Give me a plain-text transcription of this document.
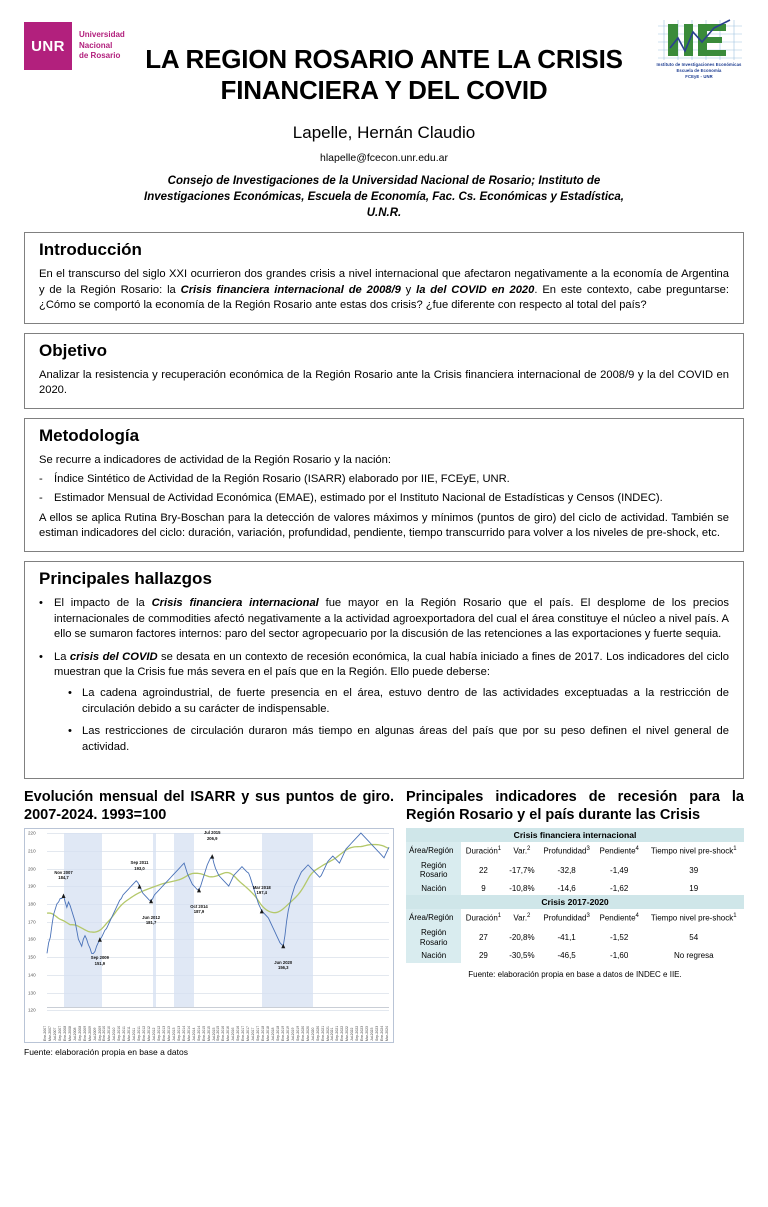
UNR
Universidad
Nacional
de Rosario
Instituto de Investigaciones Económicas
Escuela de Economía
FCEyE - UNR
LA REGION ROSARIO ANTE LA CRISIS FINANCIERA Y DEL COVID
Lapelle, Hernán Claudio
hlapelle@fcecon.unr.edu.ar
Consejo de Investigaciones de la Universidad Nacional de Rosario; Instituto de Investigaciones Económicas, Escuela de Economía, Fac. Cs. Económicas y Estadística, U.N.R.
Introducción

En el transcurso del siglo XXI ocurrieron dos grandes crisis a nivel internacional que afectaron negativamente a la economía de Argentina y de la Región Rosario: la Crisis financiera internacional de 2008/9 y la del COVID en 2020. En este contexto, cabe preguntarse: ¿Cómo se comportó la economía de la Región Rosario ante estas dos crisis? ¿fue diferente con respecto al total del país?

Objetivo

Analizar la resistencia y recuperación económica de la Región Rosario ante la Crisis financiera internacional de 2008/9 y la del COVID en 2020.

Metodología

Se recurre a indicadores de actividad de la Región Rosario y la nación:

-	Índice Sintético de Actividad de la Región Rosario (ISARR) elaborado por IIE, FCEyE, UNR.
-	Estimador Mensual de Actividad Económica (EMAE), estimado por el Instituto Nacional de Estadísticas y Censos (INDEC).

A ellos se aplica Rutina Bry-Boschan para la detección de valores máximos y mínimos (puntos de giro) del ciclo de actividad. También se estiman indicadores del ciclo: duración, variación, profundidad, pendiente, tiempo transcurrido para volver a los niveles de pre-shock, etc.

Principales hallazgos
• El impacto de la Crisis financiera internacional fue mayor en la Región Rosario que el país. El desplome de los precios internacionales de commodities afectó negativamente a la actividad agroexportadora del cual el área constituye el núcleo a nivel país. A ello se sumaron factores internos: paro del sector agropecuario por la discusión de las retenciones a las exportaciones y fuerte sequia.
• La crisis del COVID se desata en un contexto de recesión económica, la cual había iniciado a fines de 2017. Los indicadores del ciclo muestran que la Crisis fue más severa en el país que en la Región. Ello puede deberse:
• La cadena agroindustrial, de fuerte presencia en el área, estuvo dentro de las actividades exceptuadas a la restricción de circulación debido a su carácter de indispensable.
• Las restricciones de circulación duraron más tiempo en algunas áreas del país que por su peso definen el nivel general de actividad.
Evolución mensual del ISARR y sus puntos de giro. 2007-2024. 1993=100
120
130
140
150
160
170
180
190
200
210
220
Nov 2007
184,7
Sep 2009
151,9
Sep 2011
193,0
Jun 2012
181,7
Oct 2014
187,9
Jul 2015
206,9
Mar 2018
197,4
Jun 2020
156,3
Ene-2007 Mar-2007 Jul-2007 Sep-2007 Ene-2008 Mar-2008 Jul-2008 Sep-2008 Ene-2009 Mar-2009 Jul-2009 Sep-2009 Ene-2010 Mar-2010 Jul-2010 Sep-2010 Ene-2011 Mar-2011 Jul-2011 Sep-2011 Ene-2012 Mar-2012 Jul-2012 Sep-2012 Ene-2013 Mar-2013 Jul-2013 Sep-2013 Ene-2014 Mar-2014 Jul-2014 Sep-2014 Ene-2015 Mar-2015 Jul-2015 Sep-2015 Ene-2016 Mar-2016 Jul-2016 Sep-2016 Ene-2017 Mar-2017 Jul-2017 Sep-2017 Ene-2018 Mar-2018 Jul-2018 Sep-2018 Ene-2019 Mar-2019 Jul-2019 Sep-2019 Ene-2020 Mar-2020 Jul-2020 Sep-2020 Ene-2021 Mar-2021 Jul-2021 Sep-2021 Ene-2022 Mar-2022 Jul-2022 Sep-2022 Ene-2023 Mar-2023 Jul-2023 Sep-2023 Ene-2024 Mar-2024
Fuente: elaboración propia en base a datos
Principales indicadores de recesión para la Región Rosario y el país durante las Crisis
Crisis financiera internacional					
Área/Región	Duración$^1$	Var.$^2$	Profundidad$^3$	Pendiente$^4$	Tiempo nivel pre-shock$^1$
Región
Rosario	22	-17,7%	-32,8	-1,49	39
Nación	9	-10,8%	-14,6	-1,62	19
Crisis 2017-2020					
Área/Región	Duración$^1$	Var.$^2$	Profundidad$^3$	Pendiente$^4$	Tiempo nivel pre-shock$^1$
Región
Rosario	27	-20,8%	-41,1	-1,52	54
Nación	29	-30,5%	-46,5	-1,60	No regresa
Fuente: elaboración propia en base a datos de INDEC e IIE.
